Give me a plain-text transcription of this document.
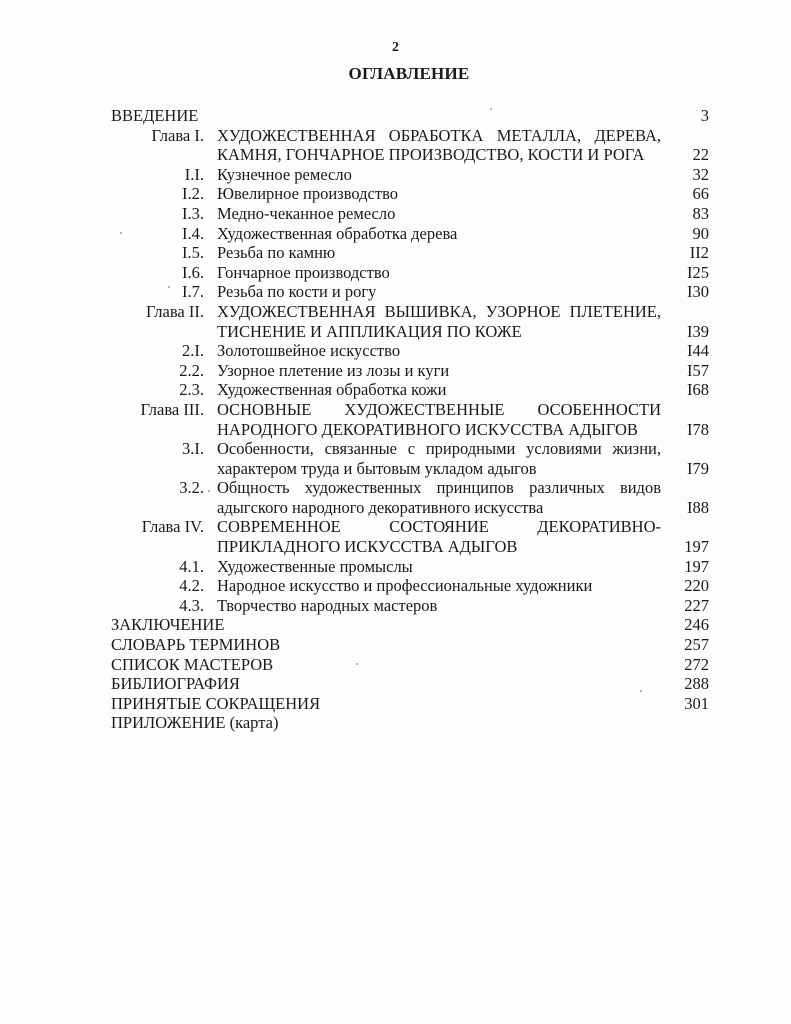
2
ОГЛАВЛЕНИЕ
ВВЕДЕНИЕ	3
Глава I. ХУДОЖЕСТВЕННАЯ ОБРАБОТКА МЕТАЛЛА, ДЕРЕВА, КАМНЯ, ГОНЧАРНОЕ ПРОИЗВОДСТВО, КОСТИ И РОГА	22
I.I. Кузнечное ремесло	32
I.2. Ювелирное производство	66
I.3. Медно-чеканное ремесло	83
I.4. Художественная обработка дерева	90
I.5. Резьба по камню	II2
I.6. Гончарное производство	I25
I.7. Резьба по кости и рогу	I30
Глава II. ХУДОЖЕСТВЕННАЯ ВЫШИВКА, УЗОРНОЕ ПЛЕТЕНИЕ, ТИСНЕНИЕ И АППЛИКАЦИЯ ПО КОЖЕ	I39
2.I. Золотошвейное искусство	I44
2.2. Узорное плетение из лозы и куги	I57
2.3. Художественная обработка кожи	I68
Глава III. ОСНОВНЫЕ ХУДОЖЕСТВЕННЫЕ ОСОБЕННОСТИ НАРОДНОГО ДЕКОРАТИВНОГО ИСКУССТВА АДЫГОВ	I78
3.I. Особенности, связанные с природными условиями жизни, характером труда и бытовым укладом адыгов	I79
3.2. Общность художественных принципов различных видов адыгского народного декоративного искусства	I88
Глава IV. СОВРЕМЕННОЕ СОСТОЯНИЕ ДЕКОРАТИВНО-ПРИКЛАДНОГО ИСКУССТВА АДЫГОВ	197
4.1. Художественные промыслы	197
4.2. Народное искусство и профессиональные художники	220
4.3. Творчество народных мастеров	227
ЗАКЛЮЧЕНИЕ	246
СЛОВАРЬ ТЕРМИНОВ	257
СПИСОК МАСТЕРОВ	272
БИБЛИОГРАФИЯ	288
ПРИНЯТЫЕ СОКРАЩЕНИЯ	301
ПРИЛОЖЕНИЕ (карта)
